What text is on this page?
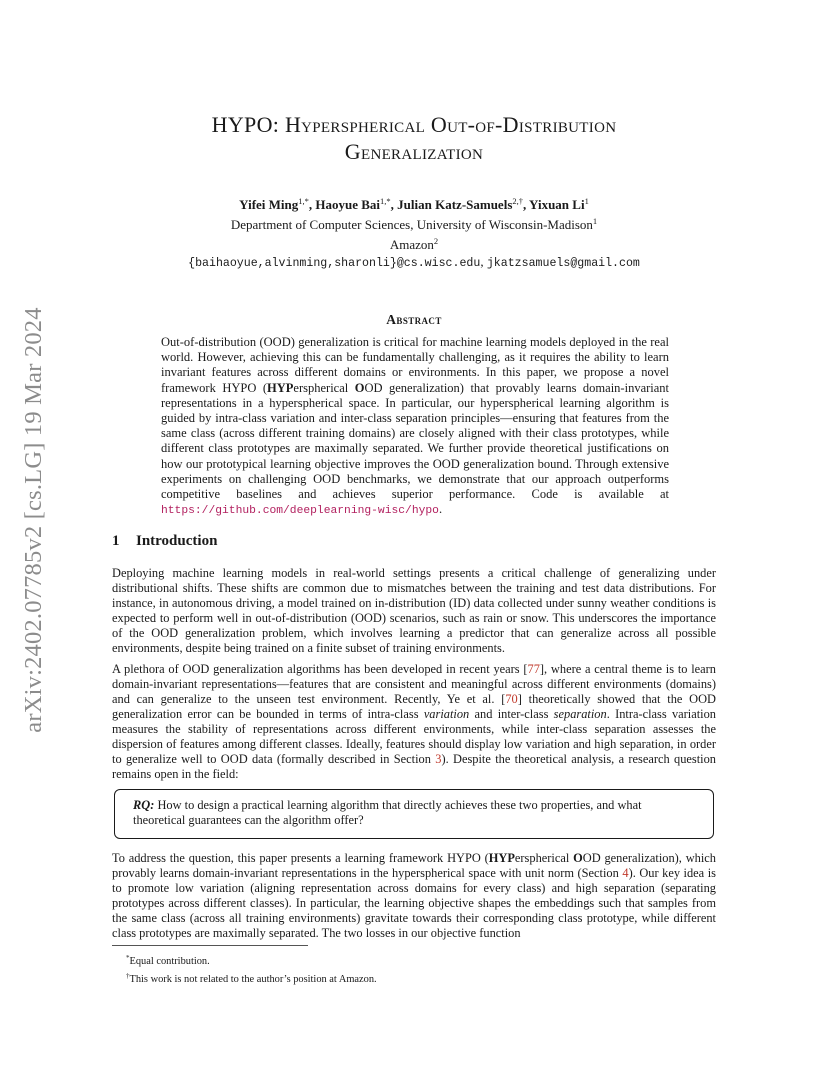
arXiv:2402.07785v2 [cs.LG] 19 Mar 2024
HYPO: Hyperspherical Out-of-Distribution
Generalization
Yifei Ming$^{1,*}$, Haoyue Bai$^{1,*}$, Julian Katz-Samuels$^{2,\dagger}$, Yixuan Li$^1$
Department of Computer Sciences, University of Wisconsin-Madison$^1$
Amazon$^2$
{baihaoyue,alvinming,sharonli}@cs.wisc.edu, jkatzsamuels@gmail.com
Abstract
Out-of-distribution (OOD) generalization is critical for machine learning models deployed in the real world. However, achieving this can be fundamentally challenging, as it requires the ability to learn invariant features across different domains or environments. In this paper, we propose a novel framework HYPO (HYPerspherical OOD generalization) that provably learns domain-invariant representations in a hyperspherical space. In particular, our hyperspherical learning algorithm is guided by intra-class variation and inter-class separation principles—ensuring that features from the same class (across different training domains) are closely aligned with their class prototypes, while different class prototypes are maximally separated. We further provide theoretical justifications on how our prototypical learning objective improves the OOD generalization bound. Through extensive experiments on challenging OOD benchmarks, we demonstrate that our approach outperforms competitive baselines and achieves superior performance. Code is available at https://github.com/deeplearning-wisc/hypo.
1 Introduction
Deploying machine learning models in real-world settings presents a critical challenge of generalizing under distributional shifts. These shifts are common due to mismatches between the training and test data distributions. For instance, in autonomous driving, a model trained on in-distribution (ID) data collected under sunny weather conditions is expected to perform well in out-of-distribution (OOD) scenarios, such as rain or snow. This underscores the importance of the OOD generalization problem, which involves learning a predictor that can generalize across all possible environments, despite being trained on a finite subset of training environments.
A plethora of OOD generalization algorithms has been developed in recent years [77], where a central theme is to learn domain-invariant representations—features that are consistent and meaningful across different environments (domains) and can generalize to the unseen test environment. Recently, Ye et al. [70] theoretically showed that the OOD generalization error can be bounded in terms of intra-class variation and inter-class separation. Intra-class variation measures the stability of representations across different environments, while inter-class separation assesses the dispersion of features among different classes. Ideally, features should display low variation and high separation, in order to generalize well to OOD data (formally described in Section 3). Despite the theoretical analysis, a research question remains open in the field:
RQ: How to design a practical learning algorithm that directly achieves these two properties, and what theoretical guarantees can the algorithm offer?
To address the question, this paper presents a learning framework HYPO (HYPerspherical OOD generalization), which provably learns domain-invariant representations in the hyperspherical space with unit norm (Section 4). Our key idea is to promote low variation (aligning representation across domains for every class) and high separation (separating prototypes across different classes). In particular, the learning objective shapes the embeddings such that samples from the same class (across all training environments) gravitate towards their corresponding class prototype, while different class prototypes are maximally separated. The two losses in our objective function
*Equal contribution.
†This work is not related to the author’s position at Amazon.
